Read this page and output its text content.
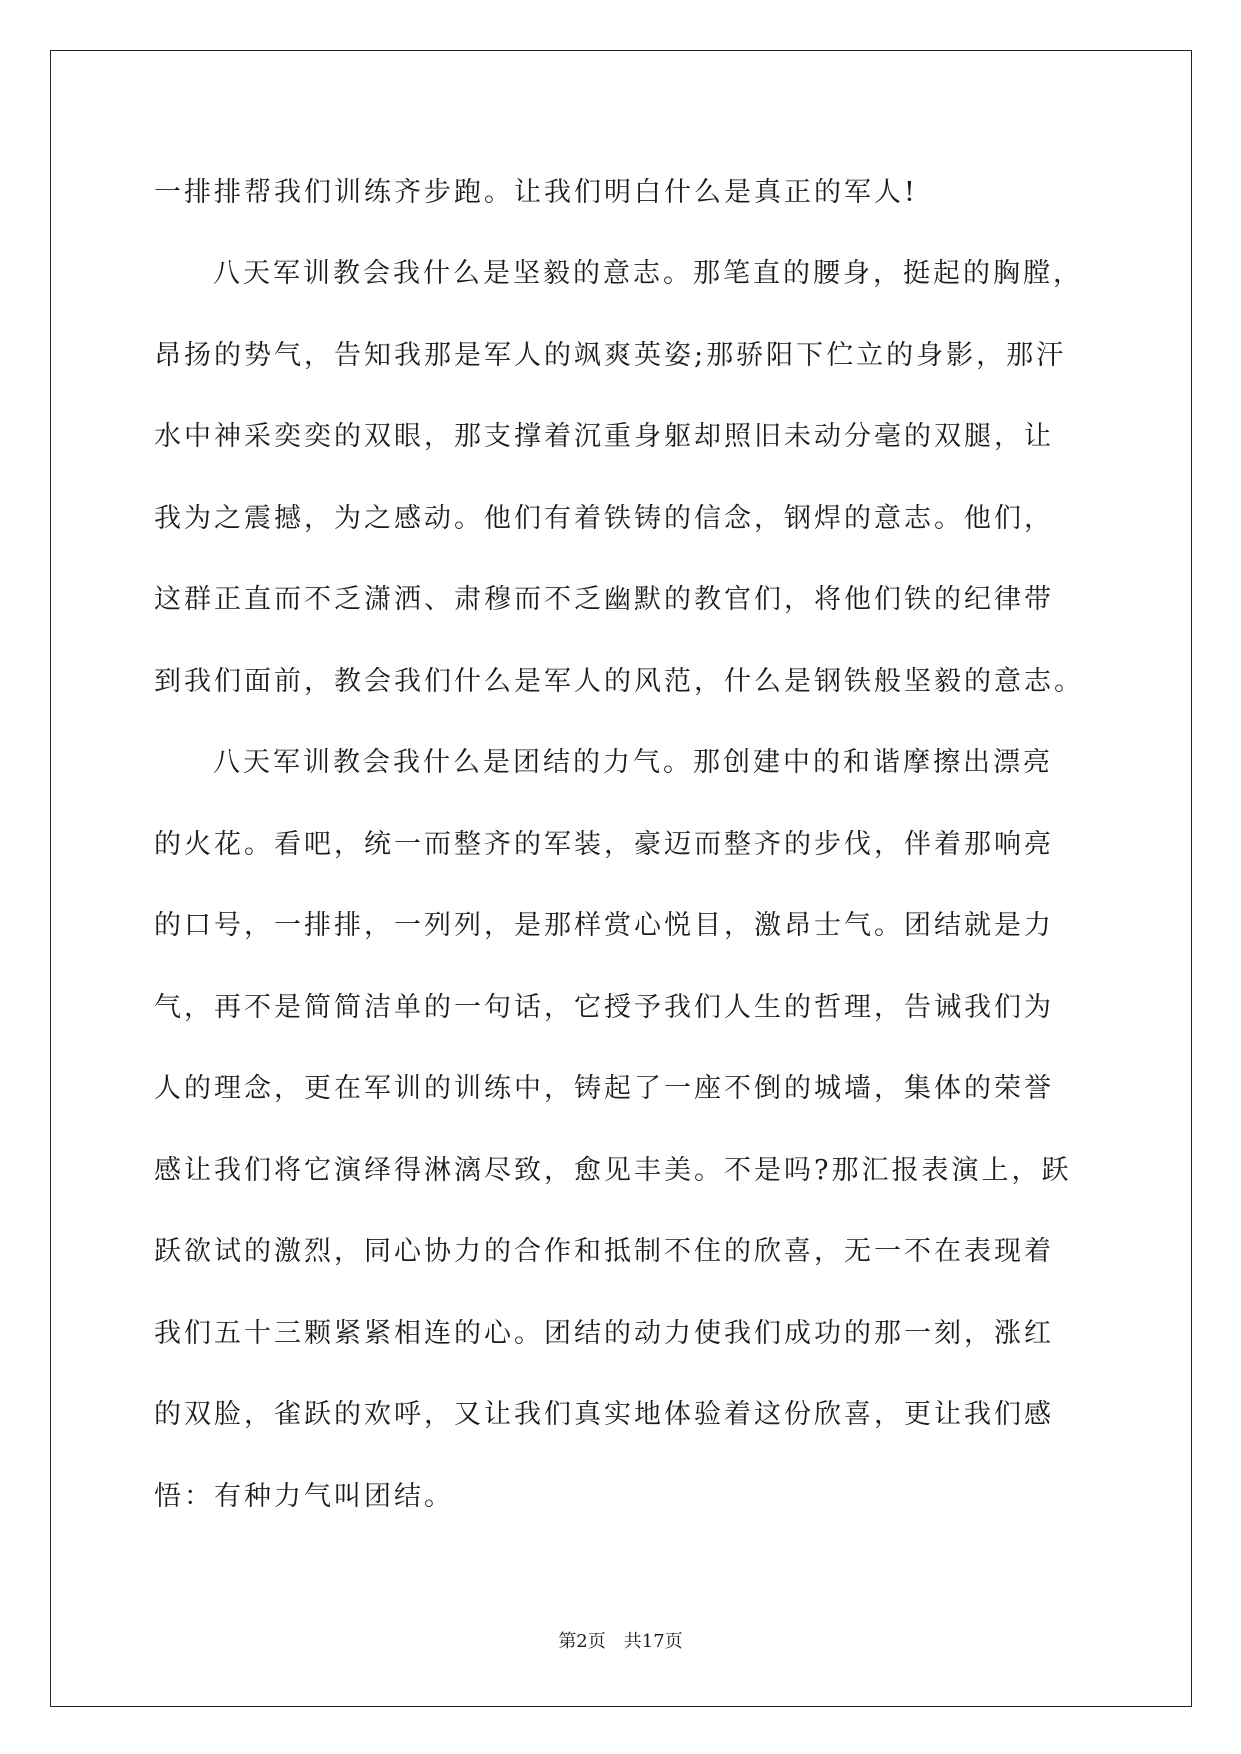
一排排帮我们训练齐步跑。让我们明白什么是真正的军人!
八天军训教会我什么是坚毅的意志。那笔直的腰身，挺起的胸膛，
昂扬的势气，告知我那是军人的飒爽英姿;那骄阳下伫立的身影，那汗
水中神采奕奕的双眼，那支撑着沉重身躯却照旧未动分毫的双腿，让
我为之震撼，为之感动。他们有着铁铸的信念，钢焊的意志。他们，
这群正直而不乏潇洒、肃穆而不乏幽默的教官们，将他们铁的纪律带
到我们面前，教会我们什么是军人的风范，什么是钢铁般坚毅的意志。
八天军训教会我什么是团结的力气。那创建中的和谐摩擦出漂亮
的火花。看吧，统一而整齐的军装，豪迈而整齐的步伐，伴着那响亮
的口号，一排排，一列列，是那样赏心悦目，激昂士气。团结就是力
气，再不是简简洁单的一句话，它授予我们人生的哲理，告诫我们为
人的理念，更在军训的训练中，铸起了一座不倒的城墙，集体的荣誉
感让我们将它演绎得淋漓尽致，愈见丰美。不是吗?那汇报表演上，跃
跃欲试的激烈，同心协力的合作和抵制不住的欣喜，无一不在表现着
我们五十三颗紧紧相连的心。团结的动力使我们成功的那一刻，涨红
的双脸，雀跃的欢呼，又让我们真实地体验着这份欣喜，更让我们感
悟：有种力气叫团结。
第2页　共17页
